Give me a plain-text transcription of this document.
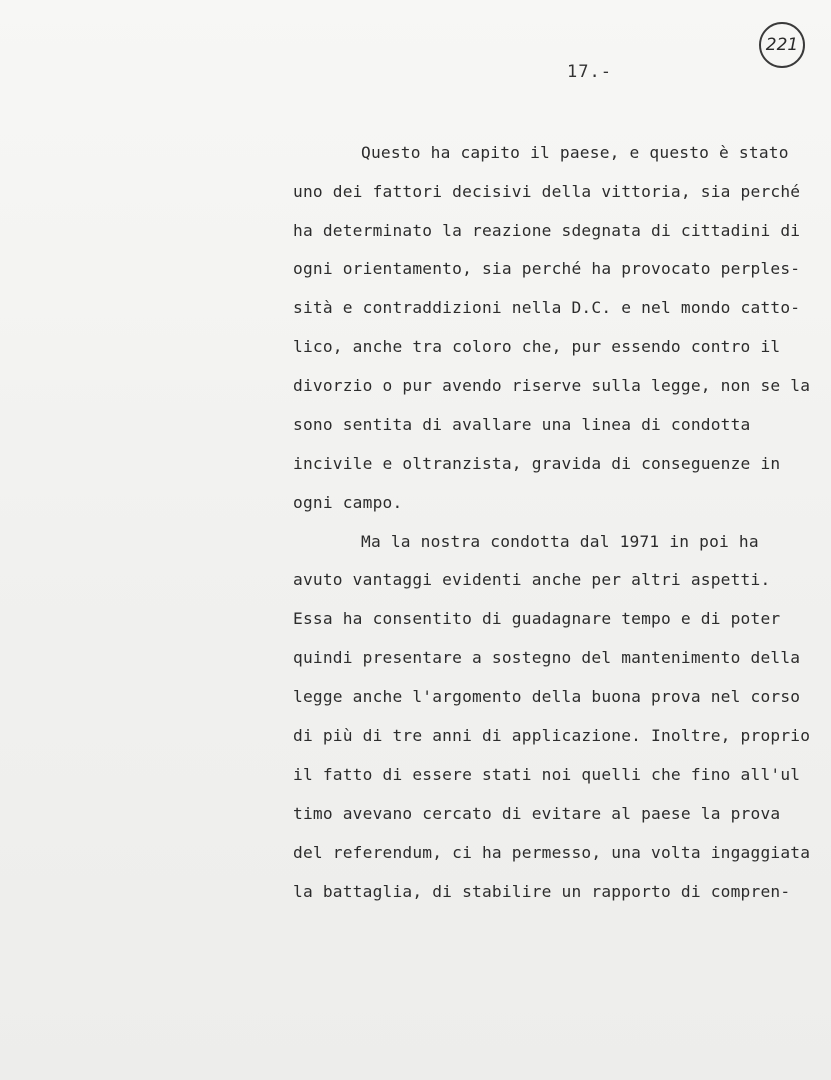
221
17.-
Questo ha capito il paese, e questo è stato
uno dei fattori decisivi della vittoria, sia perché
ha determinato la reazione sdegnata di cittadini di
ogni orientamento, sia perché ha provocato perples-
sità e contraddizioni nella D.C. e nel mondo catto-
lico, anche tra coloro che, pur essendo contro il
divorzio o pur avendo riserve sulla legge, non se la
sono sentita di avallare una linea di condotta
incivile e oltranzista, gravida di conseguenze in
ogni campo.
Ma la nostra condotta dal 1971 in poi ha
avuto vantaggi evidenti anche per altri aspetti.
Essa ha consentito di guadagnare tempo e di poter
quindi presentare a sostegno del mantenimento della
legge anche l'argomento della buona prova nel corso
di più di tre anni di applicazione. Inoltre, proprio
il fatto di essere stati noi quelli che fino all'ul
timo avevano cercato di evitare al paese la prova
del referendum, ci ha permesso, una volta ingaggiata
la battaglia, di stabilire un rapporto di compren-
